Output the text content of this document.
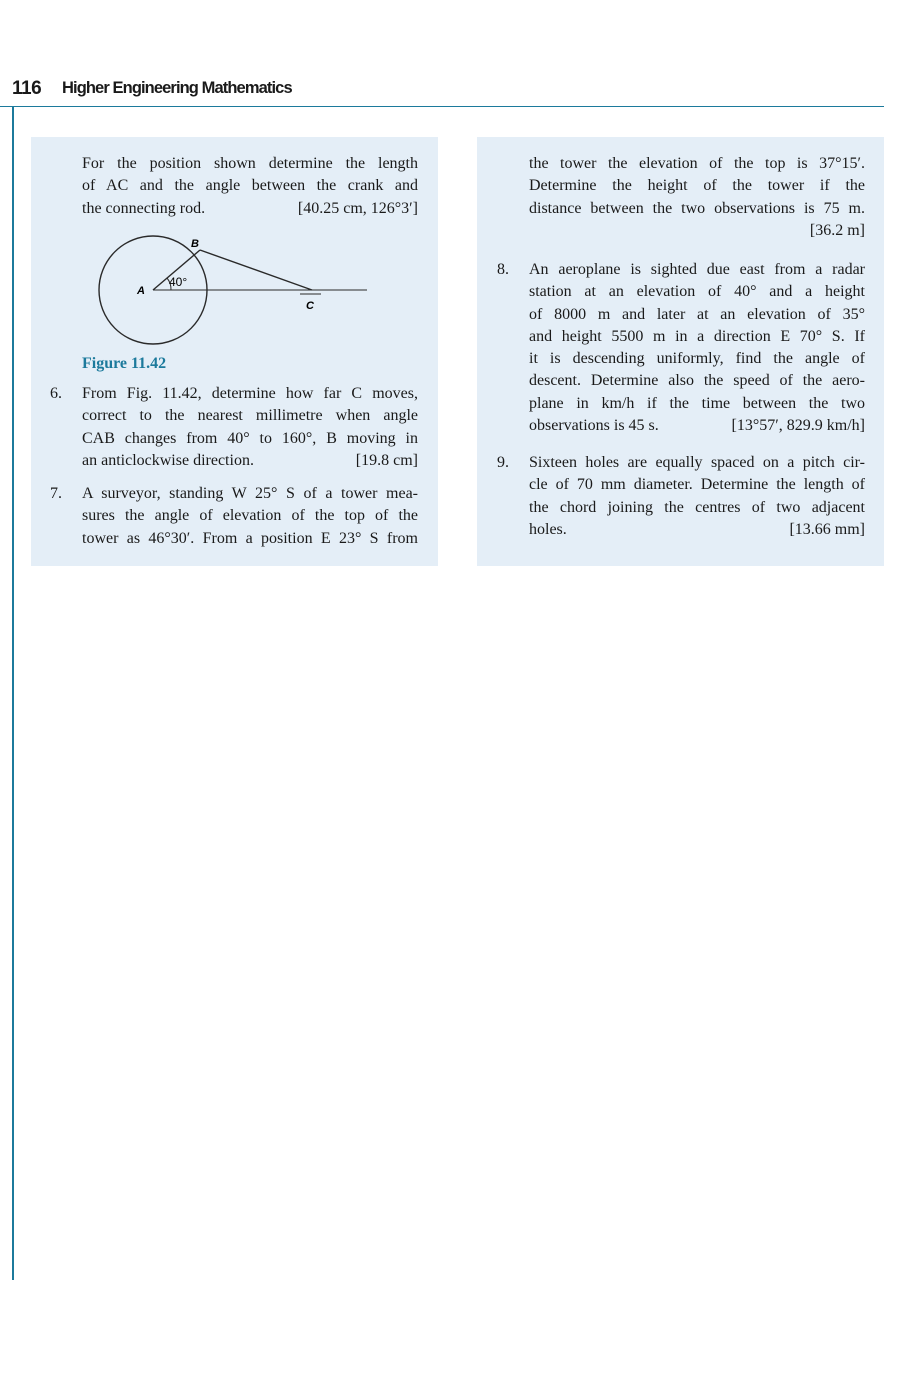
116 Higher Engineering Mathematics
For the position shown determine the length
of AC and the angle between the crank and
the connecting rod.	[40.25 cm, 126°3′]
A
B
C
40°
Figure 11.42
6. From Fig. 11.42, determine how far C moves,
correct to the nearest millimetre when angle
CAB changes from 40° to 160°, B moving in
an anticlockwise direction.	[19.8 cm]
7. A surveyor, standing W 25° S of a tower mea-
sures the angle of elevation of the top of the
tower as 46°30′. From a position E 23° S from
the tower the elevation of the top is 37°15′.
Determine the height of the tower if the
distance between the two observations is 75 m.
[36.2 m]
8. An aeroplane is sighted due east from a radar
station at an elevation of 40° and a height
of 8000 m and later at an elevation of 35°
and height 5500 m in a direction E 70° S. If
it is descending uniformly, find the angle of
descent. Determine also the speed of the aero-
plane in km/h if the time between the two
observations is 45 s.	[13°57′, 829.9 km/h]
9. Sixteen holes are equally spaced on a pitch cir-
cle of 70 mm diameter. Determine the length of
the chord joining the centres of two adjacent
holes.	[13.66 mm]
